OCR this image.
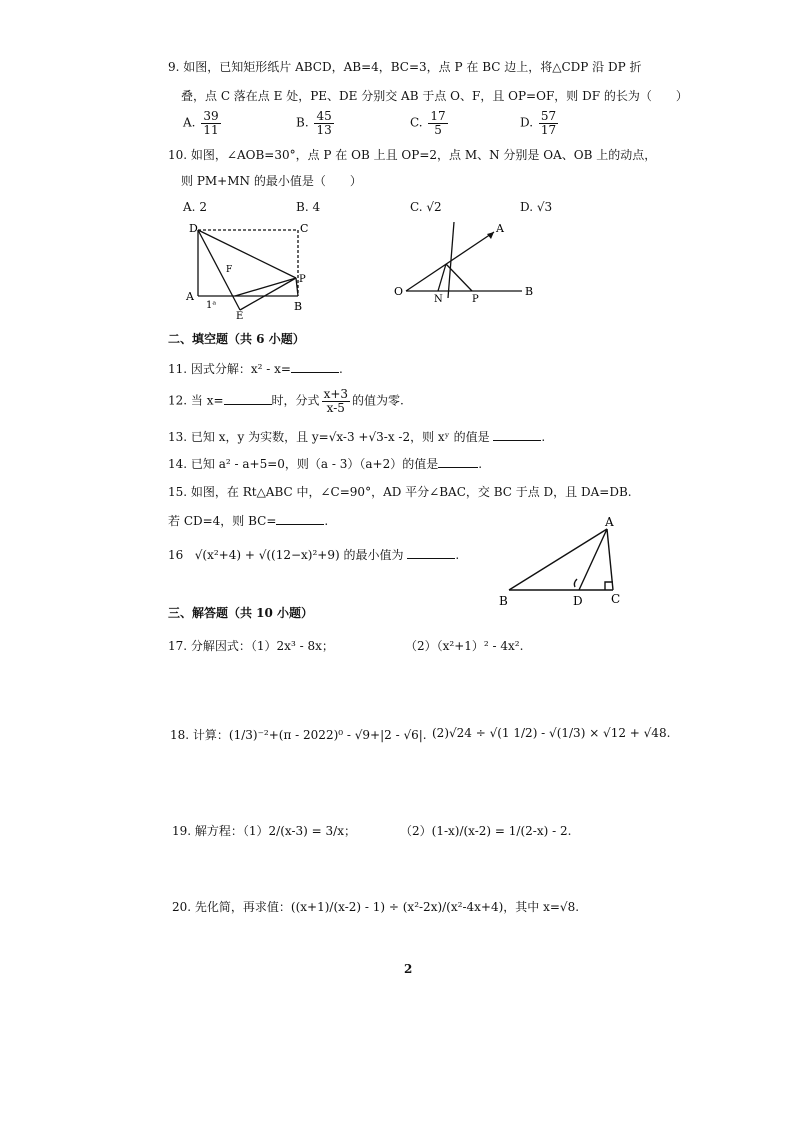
9. 如图，已知矩形纸片 ABCD，AB=4，BC=3，点 P 在 BC 边上，将△CDP 沿 DP 折
叠，点 C 落在点 E 处，PE、DE 分别交 AB 于点 O、F，且 OP=OF，则 DF 的长为（　　）
A. $\frac{39}{11}$	B. $\frac{45}{13}$	C. $\frac{17}{5}$	D. $\frac{57}{17}$
10. 如图，∠AOB=30°，点 P 在 OB 上且 OP=2，点 M、N 分别是 OA、OB 上的动点，
则 PM+MN 的最小值是（　　）
A. 2	B. 4	C. √2	D. √3
D	C
A
B
P
E
1ᵃ
F
A
O	B
N	P
二、填空题（共 6 小题）
11. 因式分解：x² - x=	.
12. 当 x=	时，分式 $\frac{x+3}{x-5}$ 的值为零.
13. 已知 x，y 为实数，且 y=√x-3 +√3-x -2，则 xʸ 的值是	.
14. 已知 a² - a+5=0，则（a - 3）（a+2）的值是	.
15. 如图，在 Rt△ABC 中，∠C=90°，AD 平分∠BAC，交 BC 于点 D，且 DA=DB.
若 CD=4，则 BC=	.
16 √(x²+4) + √((12−x)²+9) 的最小值为	.
A
B	D C
三、解答题（共 10 小题）
17. 分解因式：（1）2x³ - 8x；	（2）（x²+1）² - 4x².
18. 计算：(1/3)⁻²+(π - 2022)⁰ - √9+|2 - √6|. (2)√24 ÷ √(1 1/2) - √(1/3) × √12 + √48.
19. 解方程：（1）2/(x-3) = 3/x；	（2）(1-x)/(x-2) = 1/(2-x) - 2.
20. 先化简，再求值：((x+1)/(x-2) - 1) ÷ (x²-2x)/(x²-4x+4)，其中 x=√8.
2
